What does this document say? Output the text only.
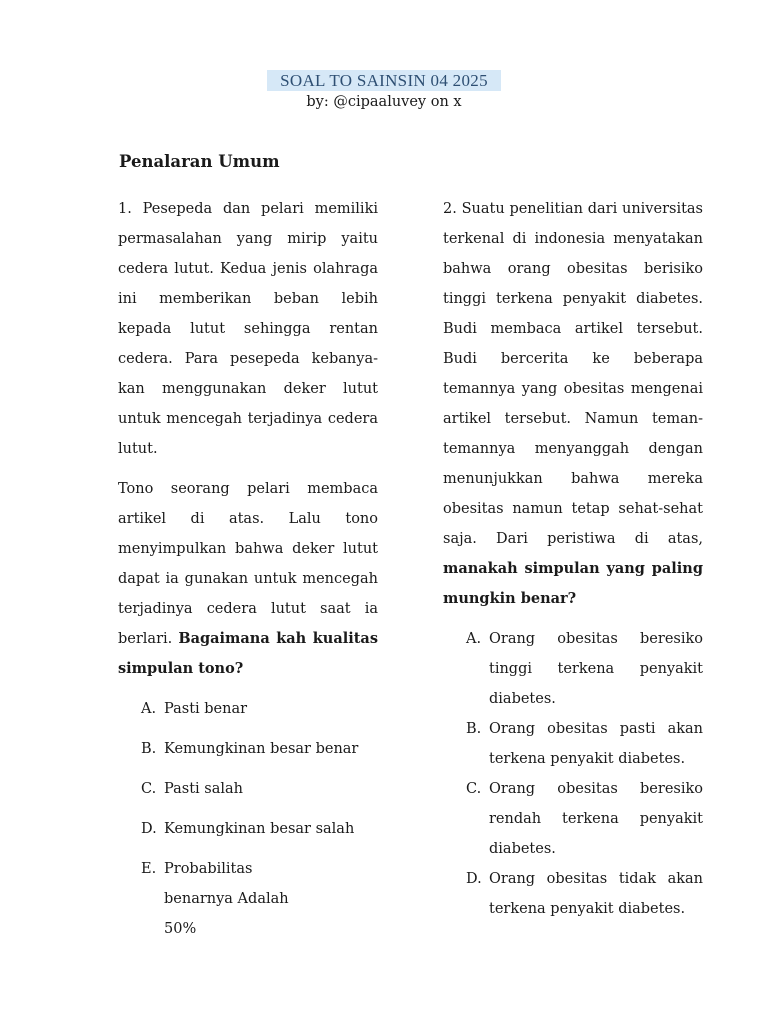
SOAL TO SAINSIN 04 2025
by: @cipaaluvey on x
Penalaran Umum

1. Pesepeda dan pelari memiliki permasalahan yang mirip yaitu cedera lutut. Kedua jenis olahraga ini memberikan beban lebih kepada lutut sehingga rentan cedera. Para pesepeda kebanya-kan menggunakan deker lutut untuk mencegah terjadinya cedera lutut.

Tono seorang pelari membaca artikel di atas. Lalu tono menyimpulkan bahwa deker lutut dapat ia gunakan untuk mencegah terjadinya cedera lutut saat ia berlari. Bagaimana kah kualitas simpulan tono?

A. Pasti benar
B. Kemungkinan besar benar
C. Pasti salah
D. Kemungkinan besar salah
E. Probabilitas benarnya Adalah 50%

2. Suatu penelitian dari universitas terkenal di indonesia menyatakan bahwa orang obesitas berisiko tinggi terkena penyakit diabetes. Budi membaca artikel tersebut. Budi bercerita ke beberapa temannya yang obesitas mengenai artikel tersebut. Namun teman-temannya menyanggah dengan menunjukkan bahwa mereka obesitas namun tetap sehat-sehat saja. Dari peristiwa di atas, manakah simpulan yang paling mungkin benar?

A. Orang obesitas beresiko tinggi terkena penyakit diabetes.
B. Orang obesitas pasti akan terkena penyakit diabetes.
C. Orang obesitas beresiko rendah terkena penyakit diabetes.
D. Orang obesitas tidak akan terkena penyakit diabetes.
